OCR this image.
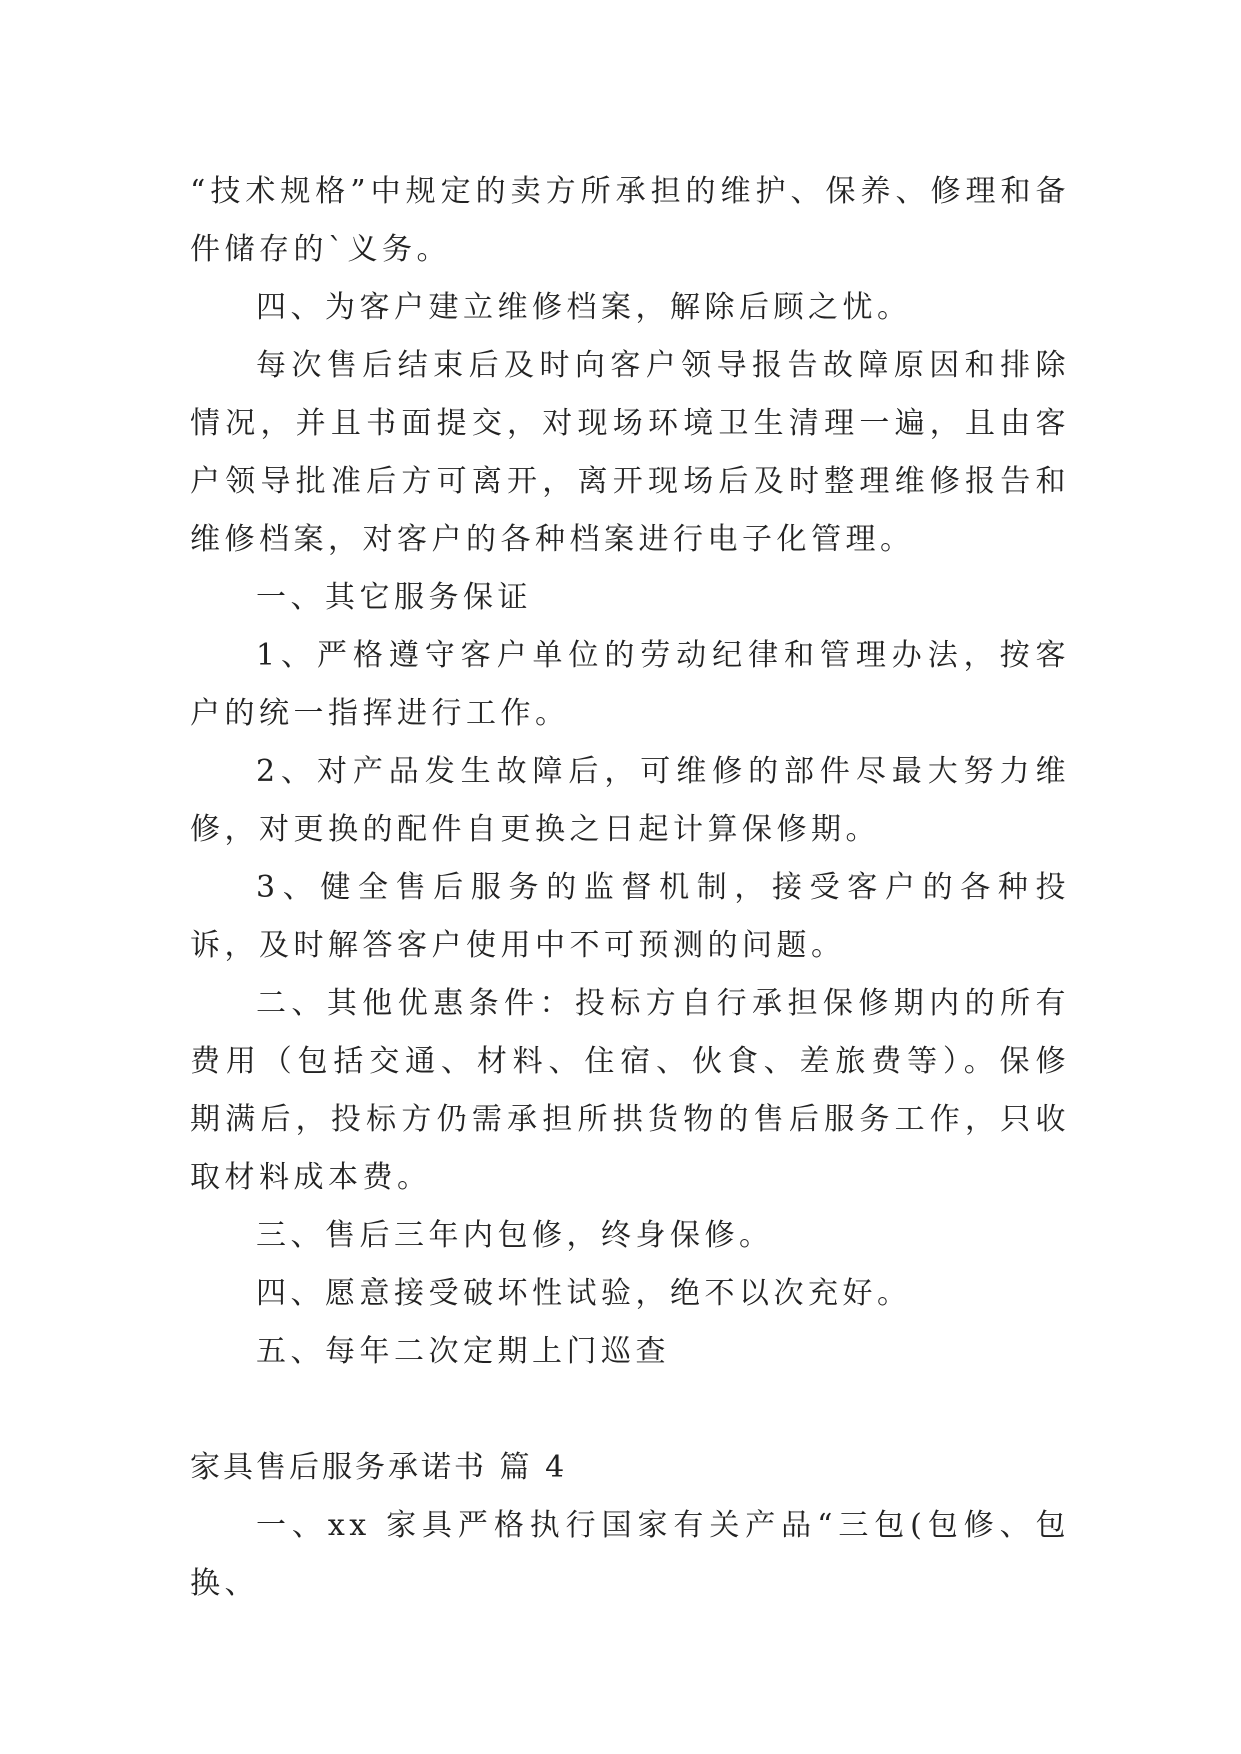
“技术规格”中规定的卖方所承担的维护、保养、修理和备件储存的`义务。

四、为客户建立维修档案，解除后顾之忧。

每次售后结束后及时向客户领导报告故障原因和排除情况，并且书面提交，对现场环境卫生清理一遍，且由客户领导批准后方可离开，离开现场后及时整理维修报告和维修档案，对客户的各种档案进行电子化管理。

一、其它服务保证

1、严格遵守客户单位的劳动纪律和管理办法，按客户的统一指挥进行工作。

2、对产品发生故障后，可维修的部件尽最大努力维修，对更换的配件自更换之日起计算保修期。

3、健全售后服务的监督机制，接受客户的各种投诉，及时解答客户使用中不可预测的问题。

二、其他优惠条件：投标方自行承担保修期内的所有费用（包括交通、材料、住宿、伙食、差旅费等）。保修期满后，投标方仍需承担所拱货物的售后服务工作，只收取材料成本费。

三、售后三年内包修，终身保修。

四、愿意接受破坏性试验，绝不以次充好。

五、每年二次定期上门巡查

家具售后服务承诺书 篇 4

一、xx 家具严格执行国家有关产品“三包(包修、包换、
